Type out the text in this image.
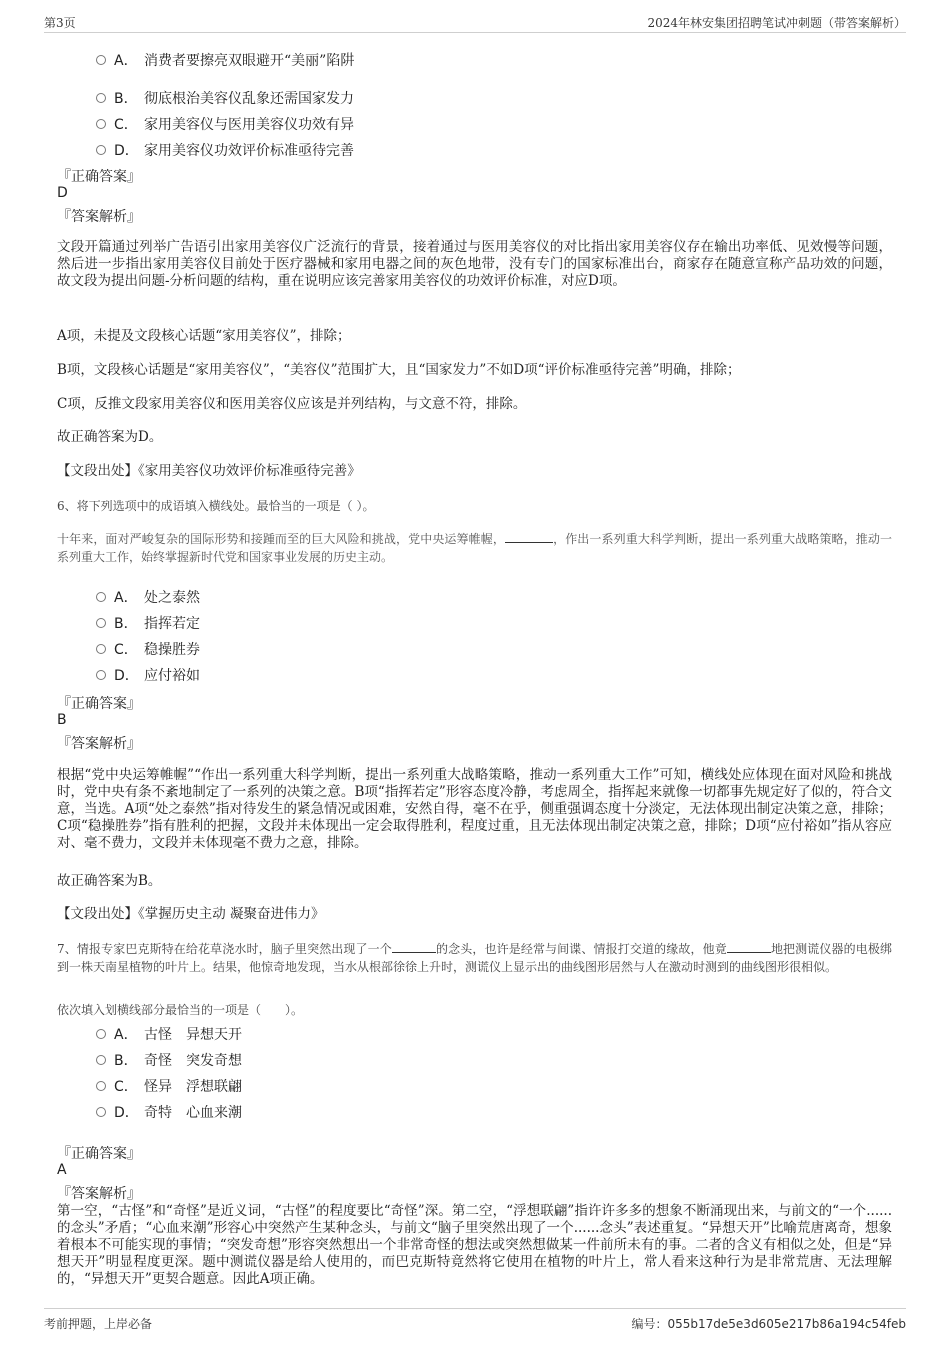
第3页	2024年林安集团招聘笔试冲刺题（带答案解析）
A． 消费者要擦亮双眼避开“美丽”陷阱
B． 彻底根治美容仪乱象还需国家发力
C． 家用美容仪与医用美容仪功效有异
D． 家用美容仪功效评价标准亟待完善
『正确答案』
D
『答案解析』
文段开篇通过列举广告语引出家用美容仪广泛流行的背景，接着通过与医用美容仪的对比指出家用美容仪存在输出功率低、见效慢等问题，然后进一步指出家用美容仪目前处于医疗器械和家用电器之间的灰色地带，没有专门的国家标准出台，商家存在随意宣称产品功效的问题，故文段为提出问题-分析问题的结构，重在说明应该完善家用美容仪的功效评价标准，对应D项。
A项，未提及文段核心话题“家用美容仪”，排除；
B项，文段核心话题是“家用美容仪”，“美容仪”范围扩大，且“国家发力”不如D项“评价标准亟待完善”明确，排除；
C项，反推文段家用美容仪和医用美容仪应该是并列结构，与文意不符，排除。
故正确答案为D。
【文段出处】《家用美容仪功效评价标准亟待完善》
6、将下列选项中的成语填入横线处。最恰当的一项是（ ）。
十年来，面对严峻复杂的国际形势和接踵而至的巨大风险和挑战，党中央运筹帷幄，	，作出一系列重大科学判断，提出一系列重大战略策略，推动一系列重大工作，始终掌握新时代党和国家事业发展的历史主动。
A． 处之泰然
B． 指挥若定
C． 稳操胜券
D． 应付裕如
『正确答案』
B
『答案解析』
根据“党中央运筹帷幄”“作出一系列重大科学判断，提出一系列重大战略策略，推动一系列重大工作”可知，横线处应体现在面对风险和挑战时，党中央有条不紊地制定了一系列的决策之意。B项“指挥若定”形容态度冷静，考虑周全，指挥起来就像一切都事先规定好了似的，符合文意，当选。A项“处之泰然”指对待发生的紧急情况或困难，安然自得，毫不在乎，侧重强调态度十分淡定，无法体现出制定决策之意，排除；C项“稳操胜券”指有胜利的把握，文段并未体现出一定会取得胜利，程度过重，且无法体现出制定决策之意，排除；D项“应付裕如”指从容应对、毫不费力，文段并未体现毫不费力之意，排除。
故正确答案为B。
【文段出处】《掌握历史主动 凝聚奋进伟力》
7、情报专家巴克斯特在给花草浇水时，脑子里突然出现了一个	的念头，也许是经常与间谍、情报打交道的缘故，他竟	地把测谎仪器的电极绑到一株天南星植物的叶片上。结果，他惊奇地发现，当水从根部徐徐上升时，测谎仪上显示出的曲线图形居然与人在激动时测到的曲线图形很相似。
依次填入划横线部分最恰当的一项是（　　）。
A． 古怪　异想天开
B． 奇怪　突发奇想
C． 怪异　浮想联翩
D． 奇特　心血来潮
『正确答案』
A
『答案解析』
第一空，“古怪”和“奇怪”是近义词，“古怪”的程度要比“奇怪”深。第二空，“浮想联翩”指许许多多的想象不断涌现出来，与前文的“一个......的念头”矛盾；“心血来潮”形容心中突然产生某种念头，与前文“脑子里突然出现了一个......念头”表述重复。“异想天开”比喻荒唐离奇，想象着根本不可能实现的事情；“突发奇想”形容突然想出一个非常奇怪的想法或突然想做某一件前所未有的事。二者的含义有相似之处，但是“异想天开”明显程度更深。题中测谎仪器是给人使用的，而巴克斯特竟然将它使用在植物的叶片上，常人看来这种行为是非常荒唐、无法理解的，“异想天开”更契合题意。因此A项正确。
考前押题，上岸必备	编号：055b17de5e3d605e217b86a194c54feb
